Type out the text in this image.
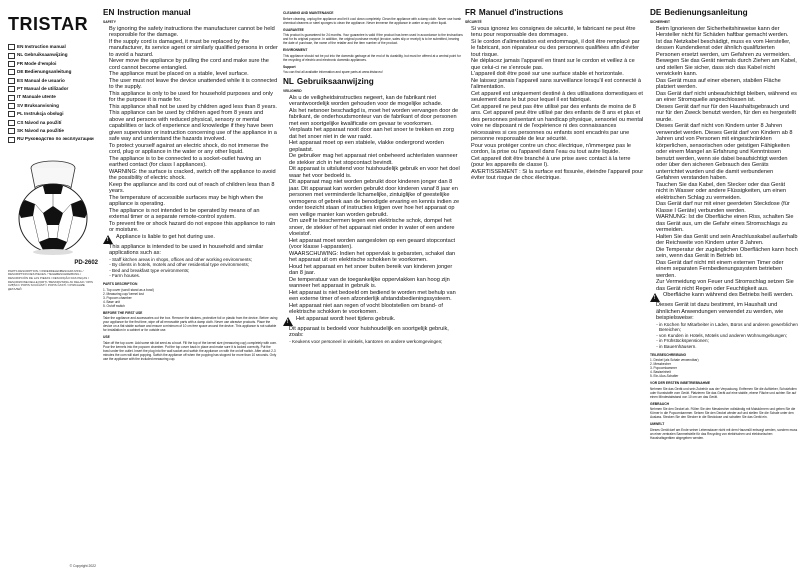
TRISTAR
EN
Instruction manual
NL
Gebruiksaanwijzing
FR
Mode d'emploi
DE
Bedienungsanleitung
ES
Manual de usuario
PT
Manual de utilizador
IT
Manuale utente
SV
Bruksanvisning
PL
Instrukcja obsługi
CS
Návod na použití
SK
Návod na použitie
RU
Руководство по эксплуатации
PD-2602
PARTS DESCRIPTION / ONDERDELENBESCHRIJVING / DESCRIPTION DES PIECES / TEILEBESCHREIBUNG / DESCRIPCIÓN DE LAS PIEZAS / DESCRIÇÃO DAS PEÇAS / DESCRIZIONE DELLE PARTI / BESKRIVNING AV DELAR / OPIS CZĘŚCI / POPIS SOUČÁSTÍ / POPIS ČASTÍ / ОПИСАНИЕ ДЕТАЛЕЙ
© Copyright 2022
EN Instruction manual
SAFETY
• By ignoring the safety instructions the manufacturer cannot be held responsible for the damage.
• If the supply cord is damaged, it must be replaced by the manufacturer, its service agent or similarly qualified persons in order to avoid a hazard.
• Never move the appliance by pulling the cord and make sure the cord cannot become entangled.
• The appliance must be placed on a stable, level surface.
• The user must not leave the device unattended while it is connected to the supply.
• This appliance is only to be used for household purposes and only for the purpose it is made for.
• This appliance shall not be used by children aged less than 8 years. This appliance can be used by children aged from 8 years and above and persons with reduced physical, sensory or mental capabilities or lack of experience and knowledge if they have been given supervision or instruction concerning use of the appliance in a safe way and understand the hazards involved.
• To protect yourself against an electric shock, do not immerse the cord, plug or appliance in the water or any other liquid.
• The appliance is to be connected to a socket-outlet having an earthed contact (for class I appliances).
• WARNING: the surface is cracked, switch off the appliance to avoid the possibility of electric shock.
• Keep the appliance and its cord out of reach of children less than 8 years.
• The temperature of accessible surfaces may be high when the appliance is operating.
• The appliance is not intended to be operated by means of an external timer or a separate remote-control system.
• To prevent fire or shock hazard do not expose this appliance to rain or moisture.
!
Appliance is liable to get hot during use.
• This appliance is intended to be used in household and similar applications such as:
- Staff kitchen areas in shops, offices and other working environments;
- By clients in hotels, motels and other residential type environments;
- Bed and breakfast type environments;
- Farm houses.
PARTS DESCRIPTION

1. Top cover (scroll stand as a bowl)

2. Measuring cup/ kernel lost

3. Popcorn chamber

4. Base unit

5. On/off switch

BEFORE THE FIRST USE

Take the appliance and accessories out the box. Remove the stickers, protective foil or plastic from the device. Before using your appliance for the first time, wipe off all removable parts with a damp cloth. Never use abrasive products. Place the device on a flat stable surface and ensure a minimum of 10 cm free space around the device. This appliance is not suitable for installation in a cabinet or for outside use.

USE

Take off the top cover. Add some stir-fat seed as a bowl. Fill the top of the kernel size (measuring cup) completely with corn. Pour the kernels into the popcorn chamber. Put the top cover back in place and make sure it is locked correctly. Put the bowl under the outlet. Insert the plug into the wall socket and switch the appliance on with the on/off switch. After about 2-3 minutes the corn will start popping. Switch the appliance off when the popping has stopped for more than 10 seconds. Only use the appliance with the included measuring cup.

CLEANING AND MAINTENANCE

Before cleaning, unplug the appliance and let it cool down completely. Clean the appliance with a damp cloth. Never use harsh chemical cleaners or steel sponges to clean the appliance. Never immerse the appliance in water or any other liquid.

GUARANTEE

This product is guaranteed for 24 months. Your guarantee is valid if the product has been used in accordance to the instructions and for its original purpose. In addition, the original purchase receipt (invoice, sales slip or receipt) is to be submitted, bearing the date of purchase, the name of the retailer and the item number of the product.

ENVIRONMENT

This appliance should not be put into the domestic garbage at the end of its durability, but must be offered at a central point for the recycling of electric and electronic domestic appliances.

Support

You can find all available information and spare parts at www.tristar.eu!

NL Gebruiksaanwijzing
VEILIGHEID
• Als u de veiligheidsinstructies negeert, kan de fabrikant niet verantwoordelijk worden gehouden voor de mogelijke schade.
• Als het netsnoer beschadigd is, moet het worden vervangen door de fabrikant, de onderhoudsmonteur van de fabrikant of door personen met een soortgelijke kwalificatie om gevaar te voorkomen.
• Verplaats het apparaat nooit door aan het snoer te trekken en zorg dat het snoer niet in de war raakt.
• Het apparaat moet op een stabiele, vlakke ondergrond worden geplaatst.
• De gebruiker mag het apparaat niet onbeheerd achterlaten wanneer de stekker zich in het stopcontact bevindt.
• Dit apparaat is uitsluitend voor huishoudelijk gebruik en voor het doel waar het voor bedoeld is.
• Dit apparaat mag niet worden gebruikt door kinderen jonger dan 8 jaar. Dit apparaat kan worden gebruikt door kinderen vanaf 8 jaar en personen met verminderde lichamelijke, zintuiglijke of geestelijke vermogens of gebrek aan de benodigde ervaring en kennis indien ze onder toezicht staan of instructies krijgen over hoe het apparaat op een veilige manier kan worden gebruikt.
• Om uzelf te beschermen tegen een elektrische schok, dompel het snoer, de stekker of het apparaat niet onder in water of een andere vloeistof.
• Het apparaat moet worden aangesloten op een geaard stopcontact (voor klasse I-apparaten).
• WAARSCHUWING: Indien het oppervlak is gebarsten, schakel dan het apparaat uit om elektrische schokken te voorkomen.
• Houd het apparaat en het snoer buiten bereik van kinderen jonger dan 8 jaar.
• De temperatuur van de toegankelijke oppervlakken kan hoog zijn wanneer het apparaat in gebruik is.
• Het apparaat is niet bedoeld om bediend te worden met behulp van een externe timer of een afzonderlijk afstandsbedieningssysteem.
• Het apparaat niet aan regen of vocht blootstellen om brand- of elektrische schokken te voorkomen.
!
Het apparaat wordt heet tijdens gebruik.
• Dit apparaat is bedoeld voor huishoudelijk en soortgelijk gebruik, zoals:
- Keukens voor personeel in winkels, kantoren en andere werkomgevingen;
FR Manuel d'instructions
SÉCURITÉ
• Si vous ignorez les consignes de sécurité, le fabricant ne peut être tenu pour responsable des dommages.
• Si le cordon d'alimentation est endommagé, il doit être remplacé par le fabricant, son réparateur ou des personnes qualifiées afin d'éviter tout risque.
• Ne déplacez jamais l'appareil en tirant sur le cordon et veillez à ce que celui-ci ne s'enroule pas.
• L'appareil doit être posé sur une surface stable et horizontale.
• Ne laissez jamais l'appareil sans surveillance lorsqu'il est connecté à l'alimentation.
• Cet appareil est uniquement destiné à des utilisations domestiques et seulement dans le but pour lequel il est fabriqué.
• Cet appareil ne peut pas être utilisé par des enfants de moins de 8 ans. Cet appareil peut être utilisé par des enfants de 8 ans et plus et des personnes présentant un handicap physique, sensoriel ou mental voire ne disposant ni de l'expérience ni des connaissances nécessaires si ces personnes ou enfants sont encadrés par une personne responsable de leur sécurité.
• Pour vous protéger contre un choc électrique, n'immergez pas le cordon, la prise ou l'appareil dans l'eau ou tout autre liquide.
• Cet appareil doit être branché à une prise avec contact à la terre (pour les appareils de classe I).
• AVERTISSEMENT : Si la surface est fissurée, éteindre l'appareil pour éviter tout risque de choc électrique.
DE Bedienungsanleitung
SICHERHEIT
• Beim Ignorieren der Sicherheitshinweise kann der Hersteller nicht für Schäden haftbar gemacht werden.
• Ist das Netzkabel beschädigt, muss es vom Hersteller, dessen Kundendienst oder ähnlich qualifizierten Personen ersetzt werden, um Gefahren zu vermeiden.
• Bewegen Sie das Gerät niemals durch Ziehen am Kabel, und stellen Sie sicher, dass sich das Kabel nicht verwickeln kann.
• Das Gerät muss auf einer ebenen, stabilen Fläche platziert werden.
• Das Gerät darf nicht unbeaufsichtigt bleiben, während es an einer Stromquelle angeschlossen ist.
• Dieses Gerät darf nur für den Haushaltsgebrauch und nur für den Zweck benutzt werden, für den es hergestellt wurde.
• Dieses Gerät darf nicht von Kindern unter 8 Jahren verwendet werden. Dieses Gerät darf von Kindern ab 8 Jahren und von Personen mit eingeschränkten körperlichen, sensorischen oder geistigen Fähigkeiten oder einem Mangel an Erfahrung und Kenntnissen benutzt werden, wenn sie dabei beaufsichtigt werden oder über den sicheren Gebrauch des Geräts unterrichtet wurden und die damit verbundenen Gefahren verstanden haben.
• Tauchen Sie das Kabel, den Stecker oder das Gerät nicht in Wasser oder andere Flüssigkeiten, um einen elektrischen Schlag zu vermeiden.
• Das Gerät darf nur mit einer geerdeten Steckdose (für Klasse I Geräte) verbunden werden.
• WARNUNG: Ist die Oberfläche einen Riss, schalten Sie das Gerät aus, um die Gefahr eines Stromschlags zu vermeiden.
• Halten Sie das Gerät und sein Anschlusskabel außerhalb der Reichweite von Kindern unter 8 Jahren.
• Die Temperatur der zugänglichen Oberflächen kann hoch sein, wenn das Gerät in Betrieb ist.
• Das Gerät darf nicht mit einem externen Timer oder einem separaten Fernbedienungssystem betrieben werden.
• Zur Vermeidung von Feuer und Stromschlag setzen Sie das Gerät nicht Regen oder Feuchtigkeit aus.
!
Oberfläche kann während des Betriebs heiß werden.
• Dieses Gerät ist dazu bestimmt, im Haushalt und ähnlichen Anwendungen verwendet zu werden, wie beispielsweise:
- in Küchen für Mitarbeiter in Läden, Büros und anderen gewerblichen Bereichen;
- von Kunden in Hotels, Motels und anderen Wohnumgebungen;
- in Frühstückspensionen;
- in Bauernhäusern.
TEILEBESCHREIBUNG

1. Deckel (als Schale verwendbar)

2. Messbecher

3. Popcornkammer

4. Basiseinheit

5. Ein-/Aus-Schalter

VOR DER ERSTEN INBETRIEBNAHME

Nehmen Sie das Gerät und sein Zubehör aus der Verpackung. Entfernen Sie die Aufkleber, Schutzfolien oder Kunststoffe vom Gerät. Platzieren Sie das Gerät auf eine stabile, ebene Fläche und achten Sie auf einen Mindestabstand von 10 cm um das Gerät.

GEBRAUCH

Nehmen Sie den Deckel ab. Füllen Sie den Messbecher vollständig mit Maiskörnern und geben Sie die Körner in die Popcornkammer. Setzen Sie den Deckel wieder auf und stellen Sie die Schale unter den Auslass. Stecken Sie den Stecker in die Steckdose und schalten Sie das Gerät ein.

UMWELT

Dieses Gerät darf am Ende seiner Lebensdauer nicht mit dem Hausmüll entsorgt werden, sondern muss an einer zentralen Sammelstelle für das Recycling von elektrischen und elektronischen Haushaltsgeräten abgegeben werden.
